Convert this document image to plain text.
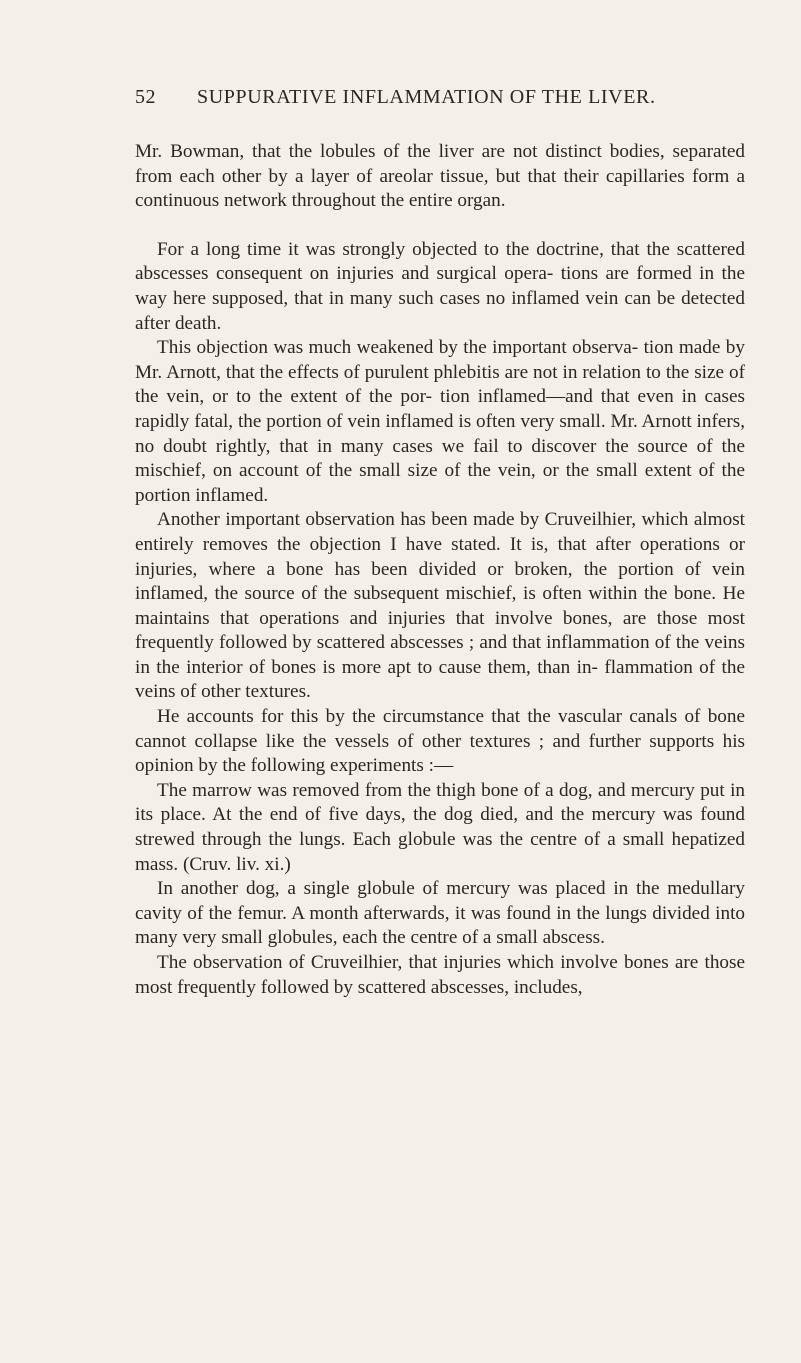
52 SUPPURATIVE INFLAMMATION OF THE LIVER.

Mr. Bowman, that the lobules of the liver are not distinct bodies, separated from each other by a layer of areolar tissue, but that their capillaries form a continuous network throughout the entire organ.

For a long time it was strongly objected to the doctrine, that the scattered abscesses consequent on injuries and surgical opera- tions are formed in the way here supposed, that in many such cases no inflamed vein can be detected after death.

This objection was much weakened by the important observa- tion made by Mr. Arnott, that the effects of purulent phlebitis are not in relation to the size of the vein, or to the extent of the por- tion inflamed—and that even in cases rapidly fatal, the portion of vein inflamed is often very small. Mr. Arnott infers, no doubt rightly, that in many cases we fail to discover the source of the mischief, on account of the small size of the vein, or the small extent of the portion inflamed.

Another important observation has been made by Cruveilhier, which almost entirely removes the objection I have stated. It is, that after operations or injuries, where a bone has been divided or broken, the portion of vein inflamed, the source of the subsequent mischief, is often within the bone. He maintains that operations and injuries that involve bones, are those most frequently followed by scattered abscesses ; and that inflammation of the veins in the interior of bones is more apt to cause them, than in- flammation of the veins of other textures.

He accounts for this by the circumstance that the vascular canals of bone cannot collapse like the vessels of other textures ; and further supports his opinion by the following experiments :—

The marrow was removed from the thigh bone of a dog, and mercury put in its place. At the end of five days, the dog died, and the mercury was found strewed through the lungs. Each globule was the centre of a small hepatized mass. (Cruv. liv. xi.)

In another dog, a single globule of mercury was placed in the medullary cavity of the femur. A month afterwards, it was found in the lungs divided into many very small globules, each the centre of a small abscess.

The observation of Cruveilhier, that injuries which involve bones are those most frequently followed by scattered abscesses, includes,
